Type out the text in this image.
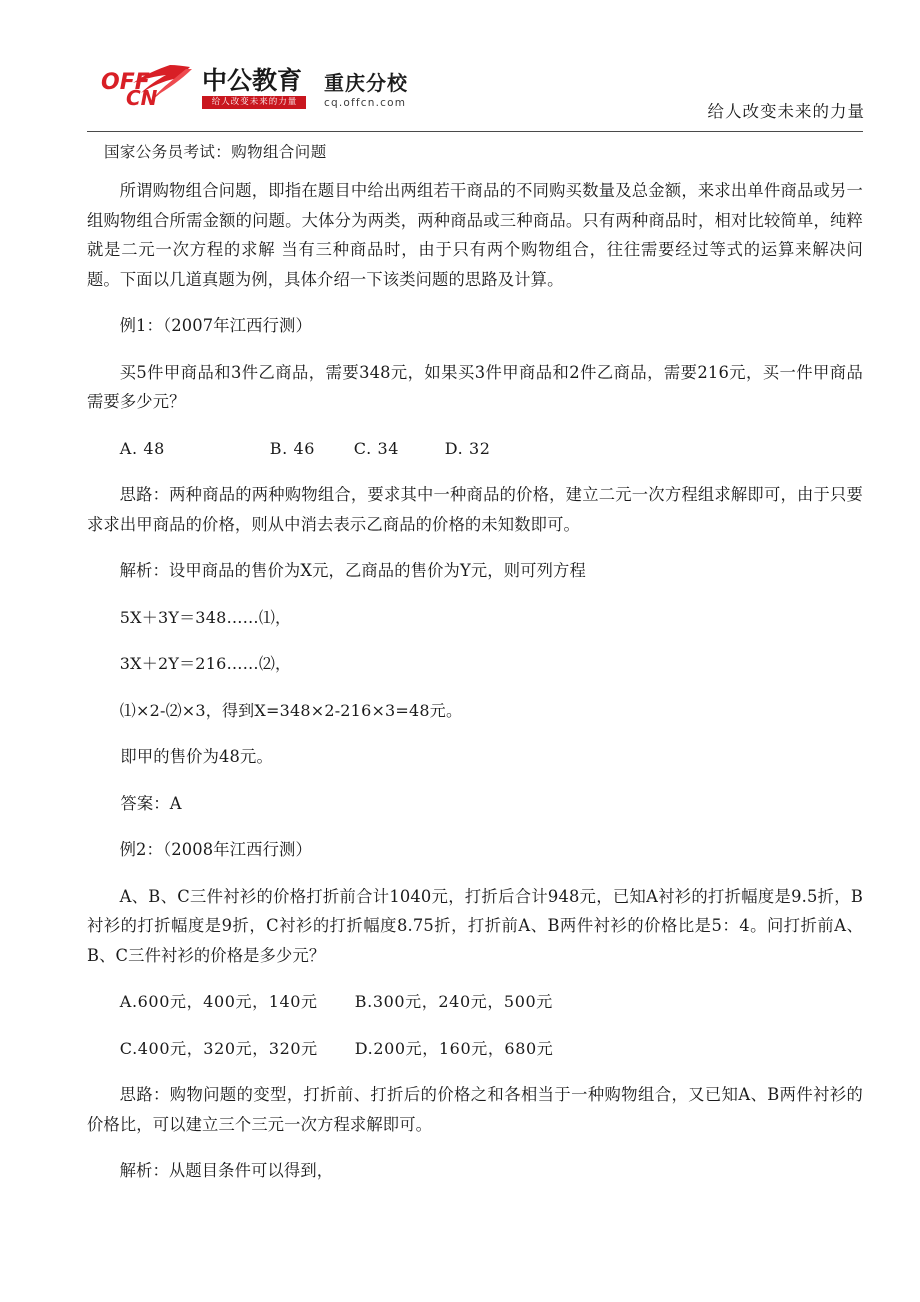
OFF
CN
中公教育
给人改变未来的力量
重庆分校
cq.offcn.com	给人改变未来的力量
国家公务员考试：购物组合问题

所谓购物组合问题，即指在题目中给出两组若干商品的不同购买数量及总金额，来求出单件商品或另一组购物组合所需金额的问题。大体分为两类，两种商品或三种商品。只有两种商品时，相对比较简单，纯粹就是二元一次方程的求解 当有三种商品时，由于只有两个购物组合，往往需要经过等式的运算来解决问题。下面以几道真题为例，具体介绍一下该类问题的思路及计算。

例1：（2007年江西行测）

买5件甲商品和3件乙商品，需要348元，如果买3件甲商品和2件乙商品，需要216元，买一件甲商品需要多少元？

A. 48	B. 46	C. 34	D. 32

思路：两种商品的两种购物组合，要求其中一种商品的价格，建立二元一次方程组求解即可，由于只要求求出甲商品的价格，则从中消去表示乙商品的价格的未知数即可。

解析：设甲商品的售价为X元，乙商品的售价为Y元，则可列方程

5X＋3Y＝348……⑴，
3X＋2Y＝216……⑵，
⑴×2-⑵×3，得到X=348×2-216×3=48元。

即甲的售价为48元。

答案：A

例2：（2008年江西行测）

A、B、C三件衬衫的价格打折前合计1040元，打折后合计948元，已知A衬衫的打折幅度是9.5折，B衬衫的打折幅度是9折，C衬衫的打折幅度8.75折，打折前A、B两件衬衫的价格比是5：4。问打折前A、B、C三件衬衫的价格是多少元？

A.600元，400元，140元	B.300元，240元，500元
C.400元，320元，320元	D.200元，160元，680元

思路：购物问题的变型，打折前、打折后的价格之和各相当于一种购物组合，又已知A、B两件衬衫的价格比，可以建立三个三元一次方程求解即可。

解析：从题目条件可以得到，
